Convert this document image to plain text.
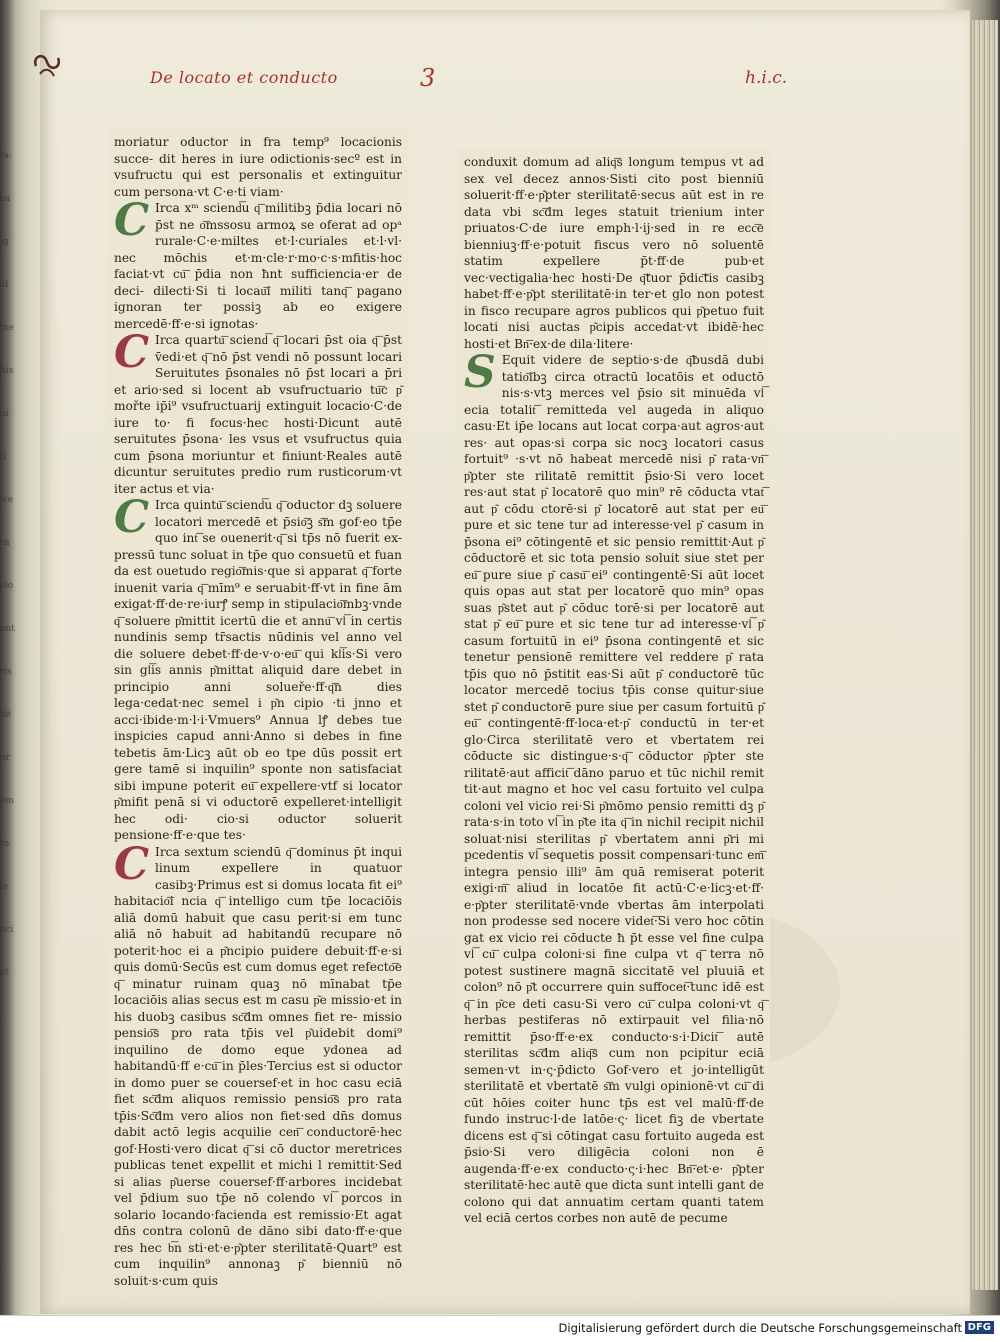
ta·
ca
ig
al
ine
his
ui
ti
we
ra
cio
ent
ris
dē
ur
em
to
ie
eci
et
De locato et conducto	3	h.i.c.

moriatur oductor in fra temp⁹ locacionis succe- dit heres in iure odictionis·secº est in vsufructu qui est personalis et extinguitur cum persona·vt C·e·ti viam·

C Irca xᵐ sciend͞u q͞ militibꝫ p̄dia locari nō p̄st ne o͞mssosu armoꝝ se oferat ad opᵃ rurale·C·e·miltes et·l·curiales et·l·vl· nec mōchis et·m·cle·r·mo·c·s·mfitis·hoc faciat·vt cu͞ p̄dia non ħnt sufficiencia·er de deci- dilecti·Si ti locau͞i militi tanq͞ pagano ignoran ter possiꝫ ab eo exigere mercedē·ff·e·si ignotas·

C Irca quartu͞ sciend͞ q͞ locari p̄st oia q͞ p̄st v̄edi·et q͞ nō p̄st vendi nō possunt locari Seruitutes p̄sonales nō p̄st locari a p̄ri et ario·sed si locent ab vsufructuario tu͞c p͂ mořte ip̄i⁹ vsufructuarij extinguit locacio·C·de iure to· fi focus·hec hosti·Dicunt autē seruitutes p̄sona· les vsus et vsufructus quia cum p̄sona moriuntur et finiunt·Reales autē dicuntur seruitutes predio rum rusticorum·vt iter actus et via·

C Irca quintu͞ sciend͞u q͞ oductor dꝫ soluere locatori mercedē et p̄sio͞ꝫ s͞m gof·eo tp̄e quo int͞ se ouenerit·q͞ si tp̄s nō fuerit ex- pressū tunc soluat in tp̄e quo consuetū et fuan da est ouetudo regio͞mis·que si apparat q͞ forte inuenit varia q͞ mīm⁹ e seruabit·ff·vt in fine ām exigat·ff·de·re·iurꝭ semp in stipulacio͞mbꝫ·vnde q͞ soluere p͂mittit icertū die et annu͞ vl͞ in certis nundinis semp tr̄sactis nūdinis vel anno vel die soluere debet·ff·de·v·o·eu͞ qui kl͞is·Si vero sin gl͞is annis p͂mittat aliquid dare debet in principio anni solueře·ff·q͞n dies lega·cedat·nec semel i p͂n cipio ·ti jnno et acci·ibide·m·l·i·Vmuers⁹ Annua lꝭ debes tue inspicies capud anni·Anno si debes in fine tebetis ām·Licꝫ aūt ob eo tpe dūs possit ert gere tamē si inquilin⁹ sponte non satisfaciat sibi impune poterit eu͞ expellere·vtf si locator p͂mifit penā si vi oductorē expelleret·intelligit hec odi· cio·si oductor soluerit pensione·ff·e·que tes·

C Irca sextum sciendū q͞ dominus p̄t inqui linum expellere in quatuor casibꝫ·Primus est si domus locata fit ei⁹ habitacio͞i ncia q͞ intelligo cum tp̄e locaciōis aliā domū habuit que casu perit·si em tunc aliā nō habuit ad habitandū recupare nō poterit·hoc ei a p͂ncipio puidere debuit·ff·e·si quis domū·Secūs est cum domus eget refecto͞e q͞ minatur ruinam quaꝫ nō mīnabat tp̄e locaciōis alias secus est m casu p͂e missio·et in his duobꝫ casibus sc͞dm omnes fiet re- missio pensio͞s pro rata tp̄is vel p͂uidebit domi⁹ inquilino de domo eque ydonea ad habitandū·ff e·cu͞ in p̄les·Tercius est si oductor in domo puer se couersef·et in hoc casu eciā fiet sc͞dm aliquos remissio pensio͞s pro rata tp̄is·Sc͞dm vero alios non fiet·sed dn̄s domus dabit actō legis acquilie cen͞ conductorē·hec gof·Hosti·vero dicat q͞ si cō ductor meretrices publicas tenet expellit et michi l remittit·Sed si alias p͂uerse couersef·ff·arbores incidebat vel p̄dium suo tp̄e nō colendo vl͞ porcos in solario locando·facienda est remissio·Et agat dn̄s contra colonū de dāno sibi dato·ff·e·que res hec b͞n sti·et·e·p͂pter sterilitatē·Quart⁹ est cum inquilin⁹ annonaꝫ p͂ bienniū nō soluit·s·cum quis

conduxit domum ad aliq͞s longum tempus vt ad sex vel decez annos·Sisti cito post bienniū soluerit·ff·e·p͂pter sterilitatē·secus aūt est in re data vbi sc͞dm leges statuit trienium inter priuatos·C·de iure emph·l·ij·sed in re ecc͞e bienniuꝫ·ff·e·potuit fiscus vero nō soluentē statim expellere p̄t·ff·de pub·et vec·vectigalia·hec hosti·De q͞tuor p̄dic͞tis casibꝫ habet·ff·e·p͂pt sterilitatē·in ter·et glo non potest in fisco recupare agros publicos qui p͂petuo fuit locati nisi auctas p͂cipis accedat·vt ibidē·hec hosti·et Bn͞·ex·de dila·litere·

S Equit videre de septio·s·de q͞busdā dubi tatio͞ibꝫ circa otractū locatōis et oductō nis·s·vtꝫ merces vel p̄sio sit minuēda vl͞ ecia totalit͞ remitteda vel augeda in aliquo casu·Et ip̄e locans aut locat corpa·aut agros·aut res· aut opas·si corpa sic nocꝫ locatori casus fortuit⁹ ·s·vt nō habeat mercedē nisi p͂ rata·vn͞ p͂pter ste rilitatē remittit p̄sio·Si vero locet res·aut stat p͂ locatorē quo min⁹ rē cōducta vtat͞ aut p͂ cōdu ctorē·si p͂ locatorē aut stat per eu͞ pure et sic tene tur ad interesse·vel p͂ casum in p̄sona ei⁹ cōtingentē et sic pensio remittit·Aut p͂ cōductorē et sic tota pensio soluit siue stet per eu͞ pure siue p͂ casu͞ ei⁹ contingentē·Si aūt locet quis opas aut stat per locatorē quo min⁹ opas suas p͂stet aut p͂ cōduc torē·si per locatorē aut stat p͂ eu͞ pure et sic tene tur ad interesse·vl͞ p͂ casum fortuitū in ei⁹ p̄sona contingentē et sic tenetur pensionē remittere vel reddere p͂ rata tp̄is quo nō p̄stitit eas·Si aūt p͂ conductorē tūc locator mercedē tocius tp̄is conse quitur·siue stet p͂ conductorē pure siue per casum fortuitū p͂ eu͞ contingentē·ff·loca·et·p͂ conductū in ter·et glo·Circa sterilitatē vero et vbertatem rei cōducte sic distingue·s·q͞ cōductor p͂pter ste rilitatē·aut afficit͞ dāno paruo et tūc nichil remit tit·aut magno et hoc vel casu fortuito vel culpa coloni vel vicio rei·Si p͂mōmo pensio remitti dꝫ p͂ rata·s·in toto vl͞ in p͂te ita q͞ in nichil recipit nichil soluat·nisi sterilitas p͂ vbertatem anni p͂ri mi pcedentis vl͞ sequetis possit compensari·tunc em͞ integra pensio illi⁹ ām quā remiserat poterit exigi·m͞ aliud in locatōe fit actū·C·e·licꝫ·et·ff· e·p͂pter sterilitatē·vnde vbertas ām interpolati non prodesse sed nocere videt͞·Si vero hoc cōtin gat ex vicio rei cōducte ħ p̄t esse vel fine culpa vl͞ cu͞ culpa coloni·si fine culpa vt q͞ terra nō potest sustinere magnā siccitatē vel pluuiā et colon⁹ nō p͂t occurrere quin suffocet͞·tunc idē est q͞ in p͂ce deti casu·Si vero cu͞ culpa coloni·vt q͞ herbas pestiferas nō extirpauit vel filia·nō remittit p̄so·ff·e·ex conducto·s·i·Dicit͞ autē sterilitas sc͞dm aliq͞s cum non pcipitur eciā semen·vt in·ς·p̄dicto Gof·vero et jo·intelligūt sterilitatē et vbertatē s͞m vulgi opinionē·vt cu͞ di cūt hōies coiter hunc tp̄s est vel malū·ff·de fundo instruc·l·de latōe·ς· licet fiꝫ de vbertate dicens est q͞ si cōtingat casu fortuito augeda est p̄sio·Si vero diligēcia coloni non ē augenda·ff·e·ex conducto·ς·i·hec Bn͞·et·e· p͂pter sterilitatē·hec autē que dicta sunt intelli gant de colono qui dat annuatim certam quanti tatem vel eciā certos corbes non autē de pecume

Digitalisierung gefördert durch die Deutsche Forschungsgemeinschaft DFG
